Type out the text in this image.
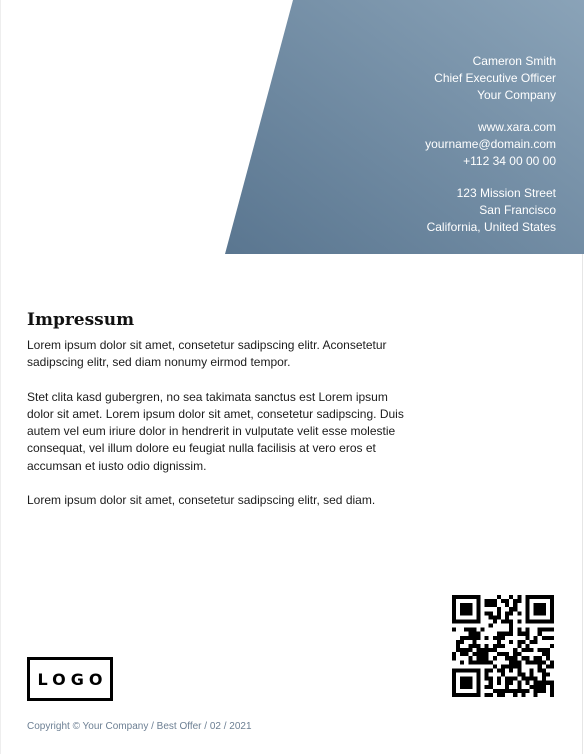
Cameron Smith
Chief Executive Officer
Your Company
www.xara.com
yourname@domain.com
+112 34 00 00 00
123 Mission Street
San Francisco
California, United States
Impressum

Lorem ipsum dolor sit amet, consetetur sadipscing elitr. Aconsetetur sadipscing elitr, sed diam nonumy eirmod tempor.

Stet clita kasd gubergren, no sea takimata sanctus est Lorem ipsum dolor sit amet. Lorem ipsum dolor sit amet, consetetur sadipscing. Duis autem vel eum iriure dolor in hendrerit in vulputate velit esse molestie consequat, vel illum dolore eu feugiat nulla facilisis at vero eros et accumsan et iusto odio dignissim.

Lorem ipsum dolor sit amet, consetetur sadipscing elitr, sed diam.

LOGO
Copyright © Your Company / Best Offer / 02 / 2021
